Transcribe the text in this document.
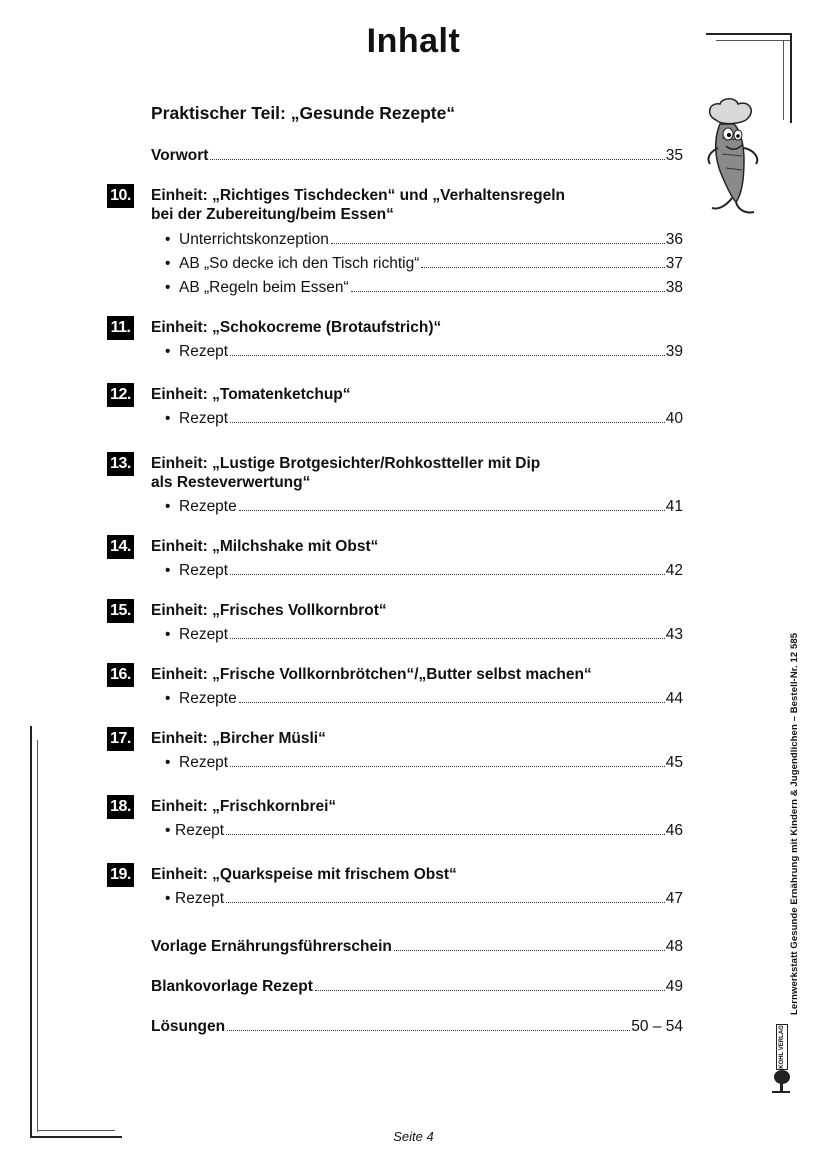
Inhalt
Praktischer Teil: „Gesunde Rezepte“
Vorwort	35
10. Einheit: „Richtiges Tischdecken“ und „Verhaltensregeln
bei der Zubereitung/beim Essen“
• Unterrichtskonzeption	36
• AB „So decke ich den Tisch richtig“	37
• AB „Regeln beim Essen“	38
11. Einheit: „Schokocreme (Brotaufstrich)“
• Rezept	39
12. Einheit: „Tomatenketchup“
• Rezept	40
13. Einheit: „Lustige Brotgesichter/Rohkostteller mit Dip
als Resteverwertung“
• Rezepte	41
14. Einheit: „Milchshake mit Obst“
• Rezept	42
15. Einheit: „Frisches Vollkornbrot“
• Rezept	43
16. Einheit: „Frische Vollkornbrötchen“/„Butter selbst machen“
• Rezepte	44
17. Einheit: „Bircher Müsli“
• Rezept	45
18. Einheit: „Frischkornbrei“
• Rezept	46
19. Einheit: „Quarkspeise mit frischem Obst“
• Rezept	47
Vorlage Ernährungsführerschein	48
Blankovorlage Rezept	49
Lösungen	50 – 54
Lernwerkstatt Gesunde Ernährung mit Kindern & Jugendlichen – Bestell-Nr. 12 585
KOHL VERLAG
Seite 4
